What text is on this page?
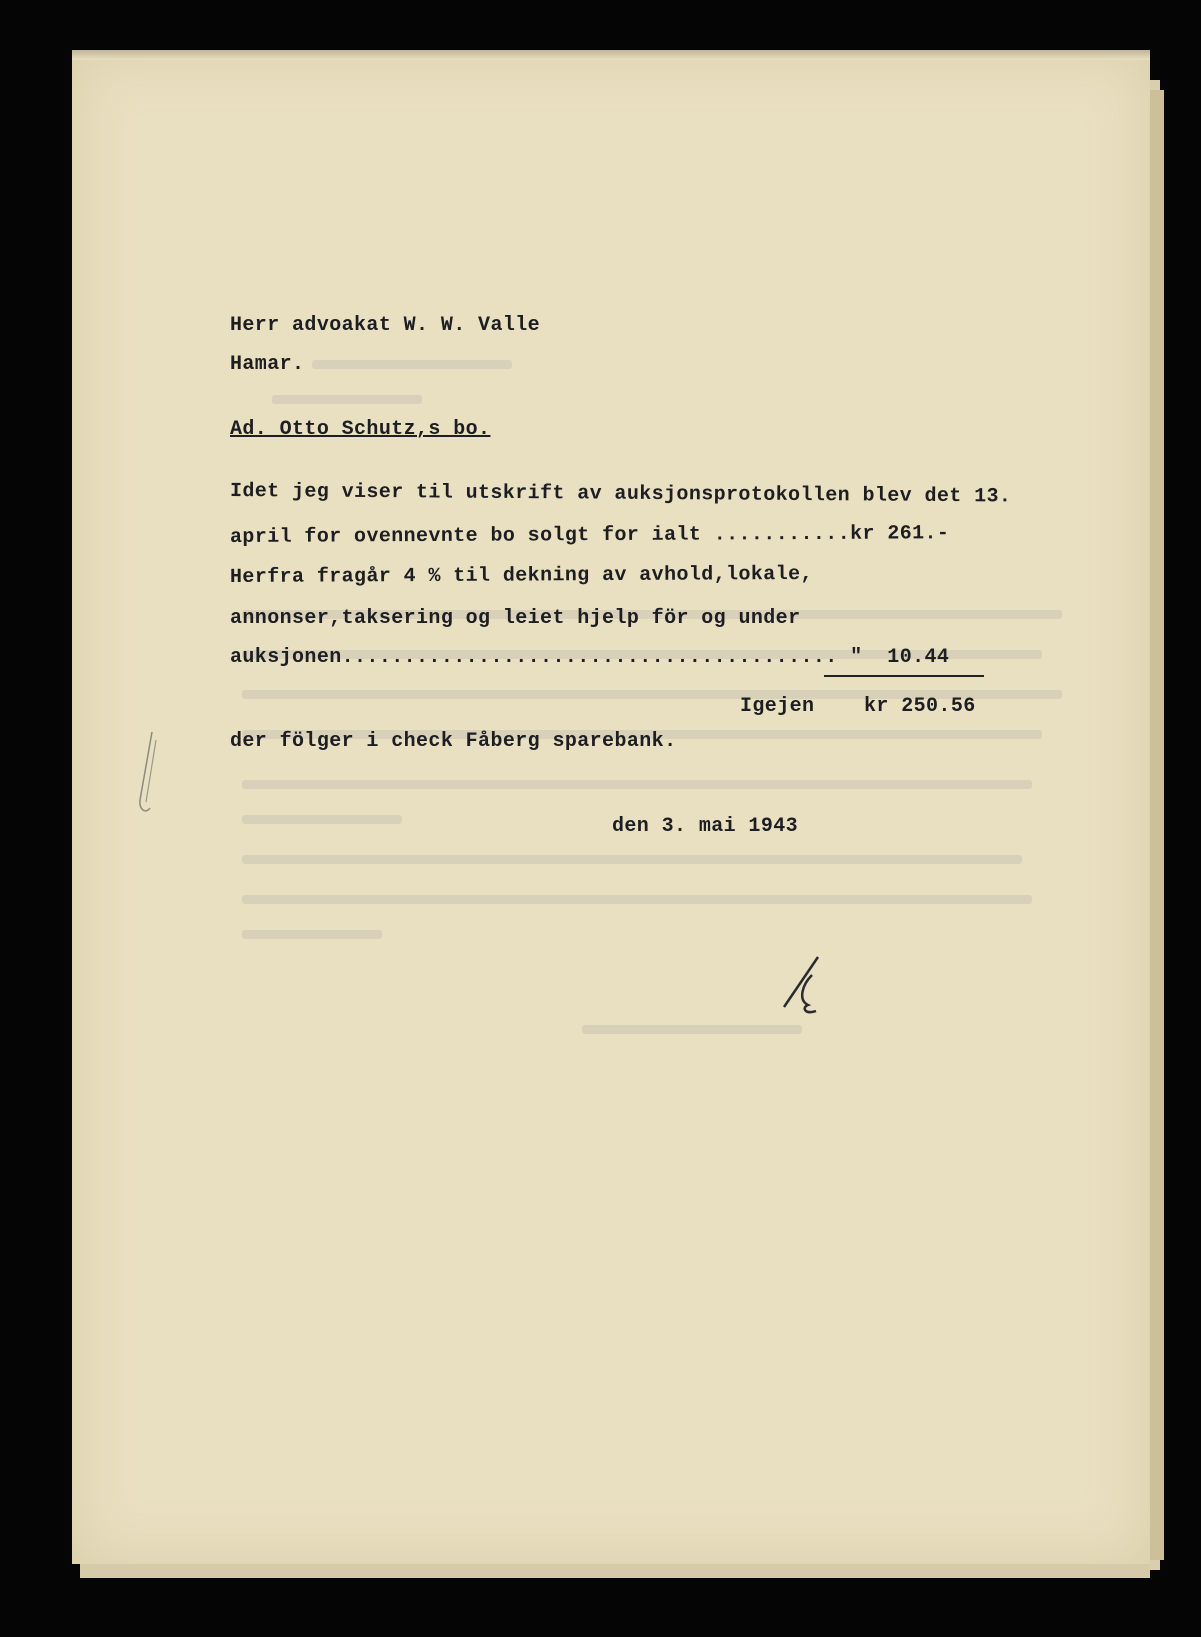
Herr advoakat W. W. Valle
Hamar.
Ad. Otto Schutz,s bo.
Idet jeg viser til utskrift av auksjonsprotokollen blev det 13.
april for ovennevnte bo solgt for ialt ...........kr 261.-
Herfra fragår 4 % til dekning av avhold,lokale,
annonser,taksering og leiet hjelp för og under
auksjonen........................................ "  10.44
Igejen    kr 250.56
der fölger i check Fåberg sparebank.
den 3. mai 1943
